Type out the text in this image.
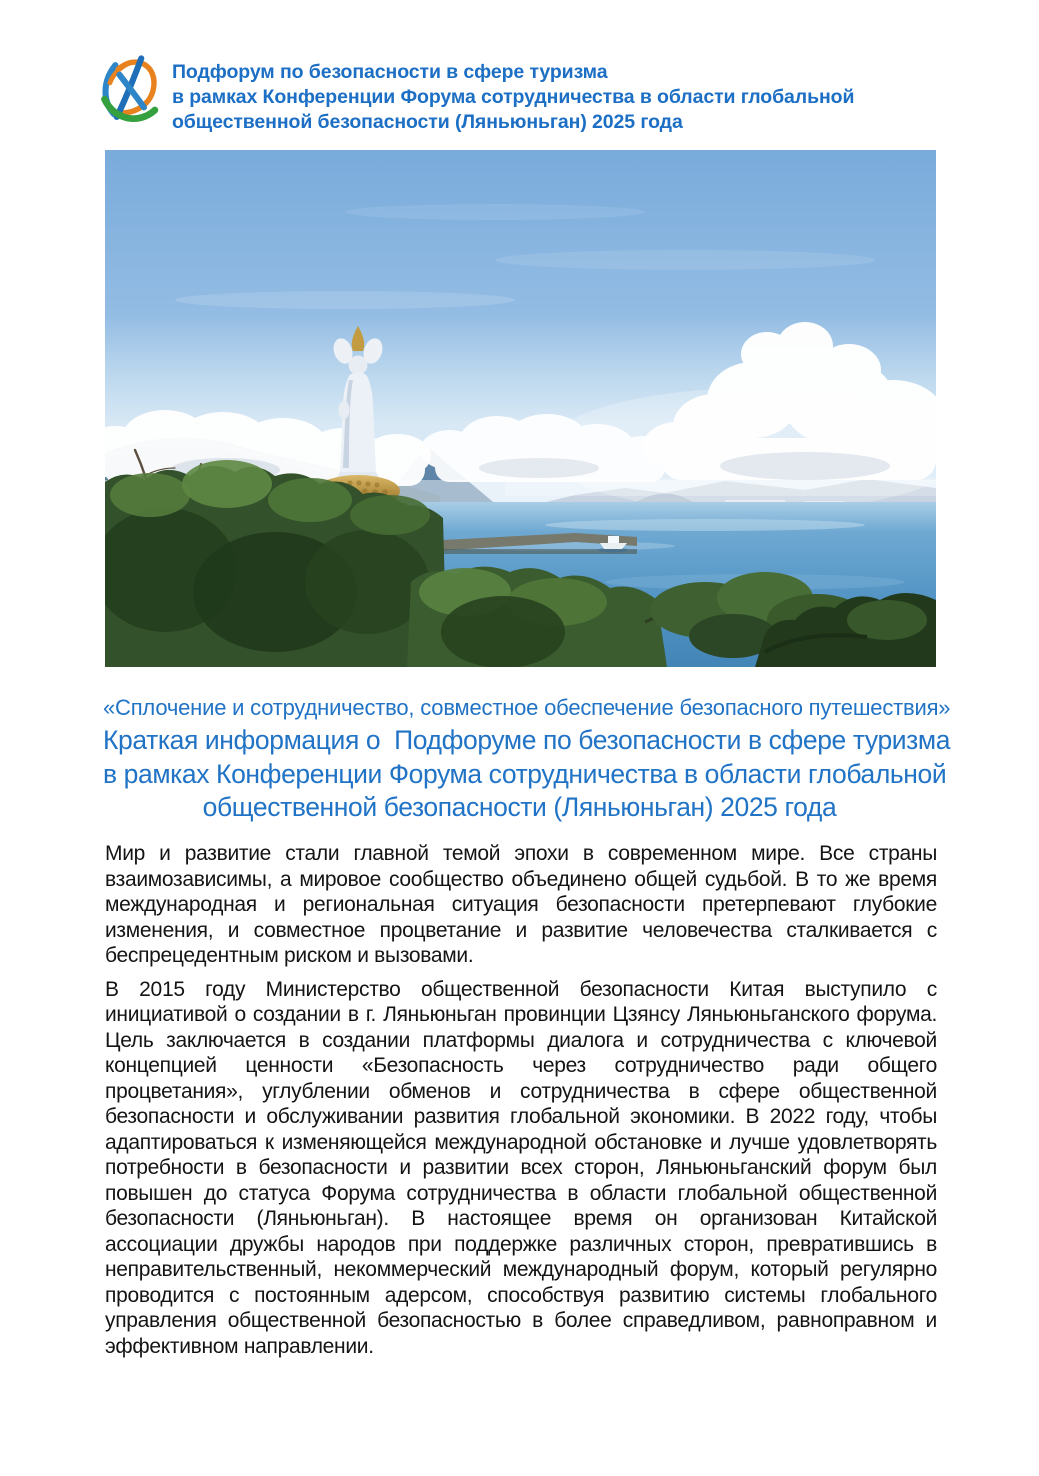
Подфорум по безопасности в сфере туризма
в рамках Конференции Форума сотрудничества в области глобальной
общественной безопасности (Ляньюньган) 2025 года
«Сплочение и сотрудничество, совместное обеспечение безопасного путешествия»
Краткая информация о  Подфоруме по безопасности в сфере туризма
в рамках Конференции Форума сотрудничества в области глобальной
общественной безопасности (Ляньюньган) 2025 года

Мир и развитие стали главной темой эпохи в современном мире. Все страны взаимозависимы, а мировое сообщество объединено общей судьбой. В то же время международная и региональная ситуация безопасности претерпевают глубокие изменения, и совместное процветание и развитие человечества сталкивается с беспрецедентным риском и вызовами.

В 2015 году Министерство общественной безопасности Китая выступило с инициативой о создании в г. Ляньюньган провинции Цзянсу Ляньюньганского форума. Цель заключается в создании платформы диалога и сотрудничества с ключевой концепцией ценности «Безопасность через сотрудничество ради общего процветания», углублении обменов и сотрудничества в сфере общественной безопасности и обслуживании развития глобальной экономики. В 2022 году, чтобы адаптироваться к изменяющейся международной обстановке и лучше удовлетворять потребности в безопасности и развитии всех сторон, Ляньюньганский форум был повышен до статуса Форума сотрудничества в области глобальной общественной безопасности (Ляньюньган). В настоящее время он организован Китайской ассоциации дружбы народов при поддержке различных сторон, превратившись в неправительственный, некоммерческий международный форум, который регулярно проводится с постоянным адерсом, способствуя развитию системы глобального управления общественной безопасностью в более справедливом, равноправном и эффективном направлении.
